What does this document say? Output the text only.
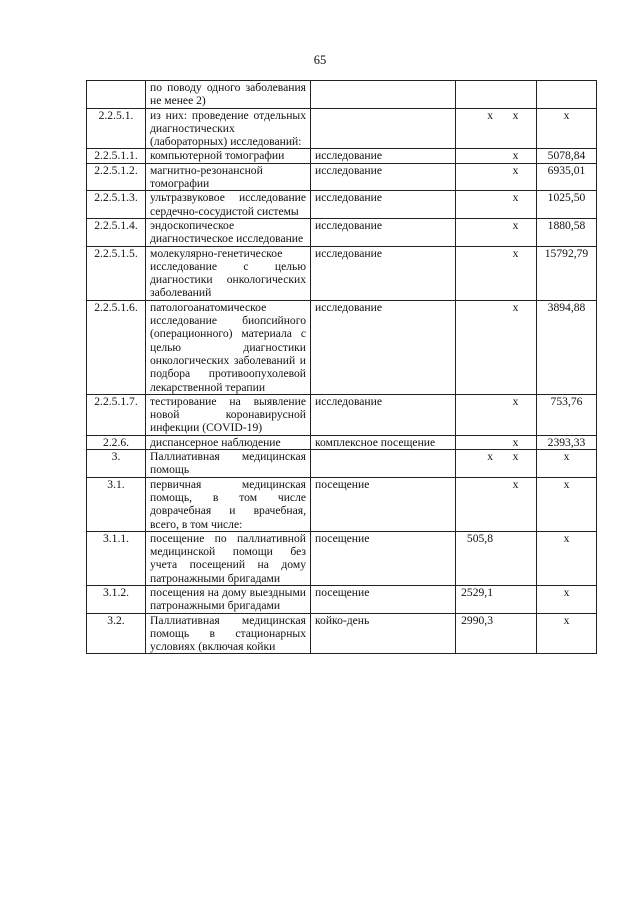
65
	по поводу одного заболевания не менее 2)		

2.2.5.1.	из них: проведение отдельных диагностических (лабораторных) исследований:		х х	х
2.2.5.1.1.	компьютерной томографии	исследование	х	5078,84
2.2.5.1.2.	магнитно-резонансной томографии	исследование	х	6935,01
2.2.5.1.3.	ультразвуковое исследование сердечно-сосудистой системы	исследование	х	1025,50
2.2.5.1.4.	эндоскопическое диагностическое исследование	исследование	х	1880,58
2.2.5.1.5.	молекулярно-генетическое исследование с целью диагностики онкологических заболеваний	исследование	х	15792,79
2.2.5.1.6.	патологоанатомическое исследование биопсийного (операционного) материала с целью диагностики онкологических заболеваний и подбора противоопухолевой лекарственной терапии	исследование	х	3894,88
2.2.5.1.7.	тестирование на выявление новой коронавирусной инфекции (COVID-19)	исследование	х	753,76
2.2.6.	диспансерное наблюдение	комплексное посещение	х	2393,33
3.	Паллиативная медицинская помощь		х х	х
3.1.	первичная медицинская помощь, в том числе доврачебная и врачебная, всего, в том числе:	посещение	х	х
3.1.1.	посещение по паллиативной медицинской помощи без учета посещений на дому патронажными бригадами	посещение	505,8	х
3.1.2.	посещения на дому выездными патронажными бригадами	посещение	2529,1	х
3.2.	Паллиативная медицинская помощь в стационарных условиях (включая койки	койко-день	2990,3	х
